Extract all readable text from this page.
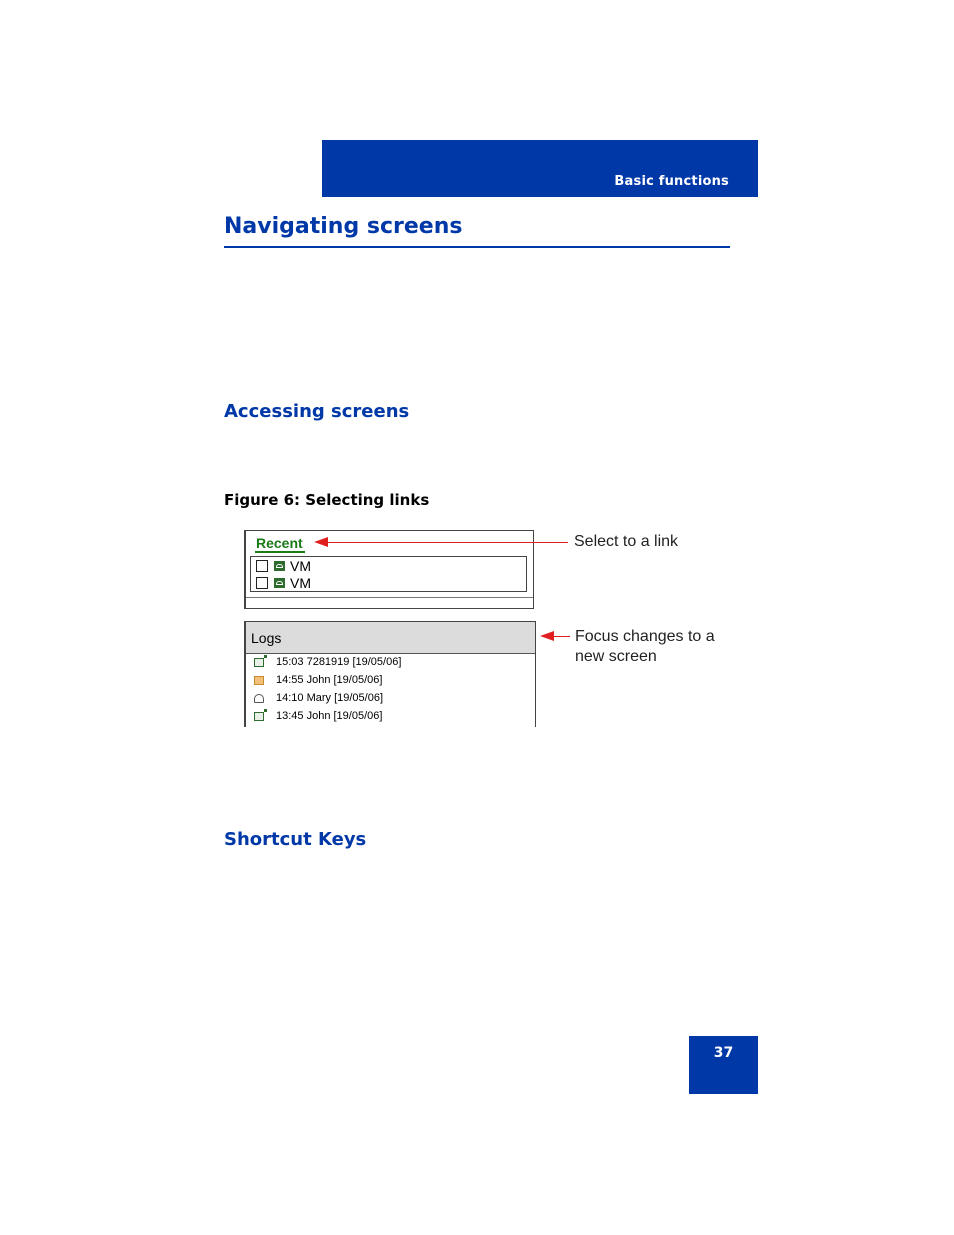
Basic functions
Navigating screens
Accessing screens

Figure 6: Selecting links

Recent
VM
VM
Select to a link
Logs
15:03 7281919 [19/05/06]
14:55 John [19/05/06]
14:10 Mary [19/05/06]
13:45 John [19/05/06]
Focus changes to a
new screen
Shortcut Keys
37
